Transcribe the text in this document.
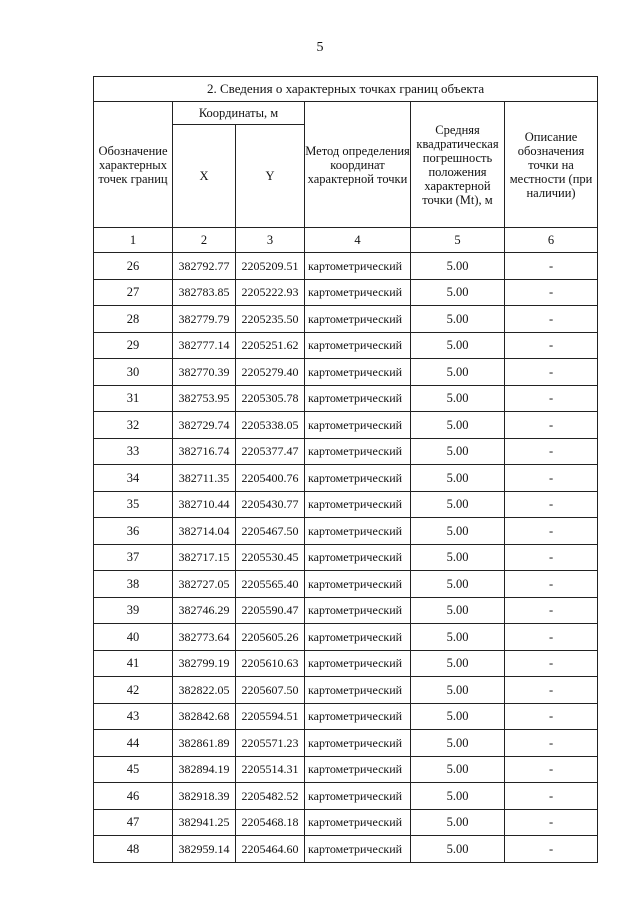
5
2. Сведения о характерных точках границ объекта					
Обозначение характерных точек границ	Координаты, м		Метод определения координат характерной точки	Средняя квадратическая погрешность положения характерной точки (Mt), м	Описание обозначения точки на местности (при наличии)
	X	Y			
1	2	3	4	5	6
26	382792.77	2205209.51	картометрический	5.00	-
27	382783.85	2205222.93	картометрический	5.00	-
28	382779.79	2205235.50	картометрический	5.00	-
29	382777.14	2205251.62	картометрический	5.00	-
30	382770.39	2205279.40	картометрический	5.00	-
31	382753.95	2205305.78	картометрический	5.00	-
32	382729.74	2205338.05	картометрический	5.00	-
33	382716.74	2205377.47	картометрический	5.00	-
34	382711.35	2205400.76	картометрический	5.00	-
35	382710.44	2205430.77	картометрический	5.00	-
36	382714.04	2205467.50	картометрический	5.00	-
37	382717.15	2205530.45	картометрический	5.00	-
38	382727.05	2205565.40	картометрический	5.00	-
39	382746.29	2205590.47	картометрический	5.00	-
40	382773.64	2205605.26	картометрический	5.00	-
41	382799.19	2205610.63	картометрический	5.00	-
42	382822.05	2205607.50	картометрический	5.00	-
43	382842.68	2205594.51	картометрический	5.00	-
44	382861.89	2205571.23	картометрический	5.00	-
45	382894.19	2205514.31	картометрический	5.00	-
46	382918.39	2205482.52	картометрический	5.00	-
47	382941.25	2205468.18	картометрический	5.00	-
48	382959.14	2205464.60	картометрический	5.00	-
